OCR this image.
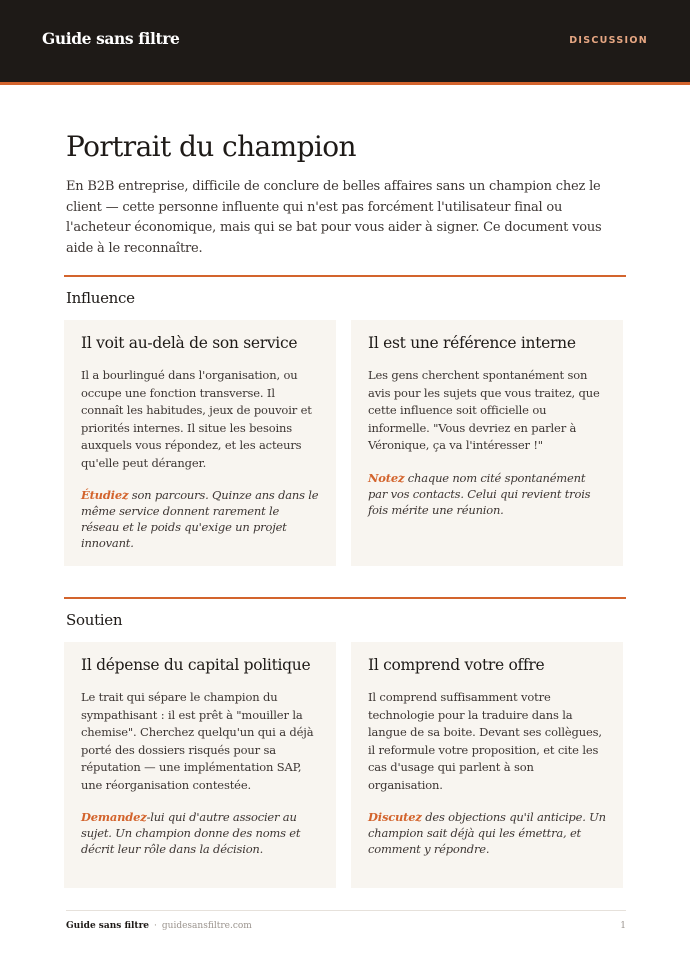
Guide sans filtre	DISCUSSION
Portrait du champion

En B2B entreprise, difficile de conclure de belles affaires sans un champion chez le client — cette personne influente qui n'est pas forcément l'utilisateur final ou l'acheteur économique, mais qui se bat pour vous aider à signer. Ce document vous aide à le reconnaître.

Influence
Il voit au-delà de son service

Il a bourlingué dans l'organisation, ou occupe une fonction transverse. Il connaît les habitudes, jeux de pouvoir et priorités internes. Il situe les besoins auxquels vous répondez, et les acteurs qu'elle peut déranger.

Étudiez son parcours. Quinze ans dans le même service donnent rarement le réseau et le poids qu'exige un projet innovant.

Il est une référence interne

Les gens cherchent spontanément son avis pour les sujets que vous traitez, que cette influence soit officielle ou informelle. "Vous devriez en parler à Véronique, ça va l'intéresser !"

Notez chaque nom cité spontanément par vos contacts. Celui qui revient trois fois mérite une réunion.

Soutien
Il dépense du capital politique

Le trait qui sépare le champion du sympathisant : il est prêt à "mouiller la chemise". Cherchez quelqu'un qui a déjà porté des dossiers risqués pour sa réputation — une implémentation SAP, une réorganisation contestée.

Demandez-lui qui d'autre associer au sujet. Un champion donne des noms et décrit leur rôle dans la décision.

Il comprend votre offre

Il comprend suffisamment votre technologie pour la traduire dans la langue de sa boite. Devant ses collègues, il reformule votre proposition, et cite les cas d'usage qui parlent à son organisation.

Discutez des objections qu'il anticipe. Un champion sait déjà qui les émettra, et comment y répondre.

Guide sans filtre · guidesansfiltre.com	1
